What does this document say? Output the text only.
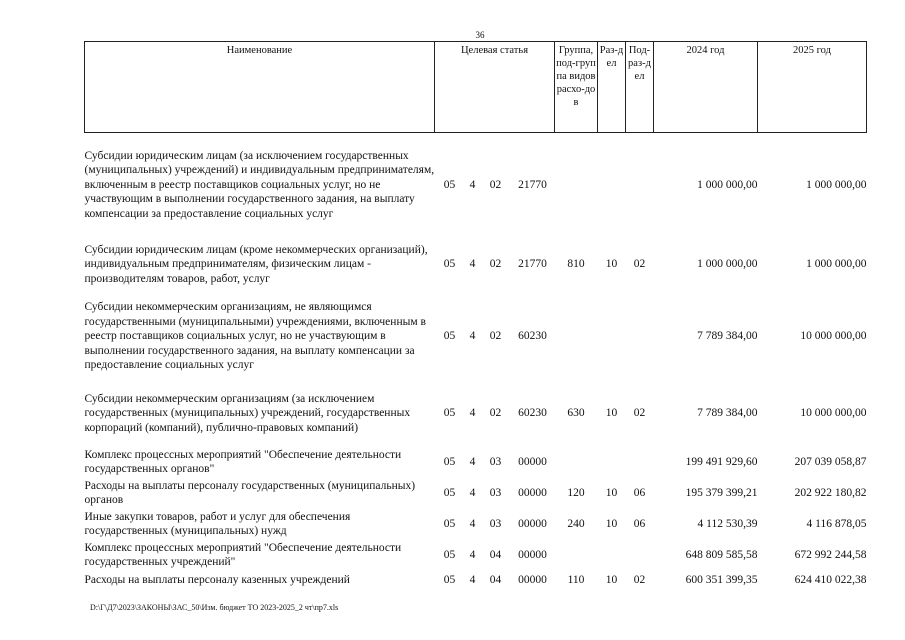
36
Наименование	Целевая статья				Группа, под-группа видов расхо-дов	Раз-дел	Под-раз-дел	2024 год	2025 год
Субсидии юридическим лицам (за исключением государственных (муниципальных) учреждений) и индивидуальным предпринимателям, включенным в реестр поставщиков социальных услуг, но не участвующим в выполнении государственного задания, на выплату компенсации за предоставление социальных услуг	05	4	02	21770				1 000 000,00	1 000 000,00
Субсидии юридическим лицам (кроме некоммерческих организаций), индивидуальным предпринимателям, физическим лицам - производителям товаров, работ, услуг	05	4	02	21770	810	10	02	1 000 000,00	1 000 000,00
Субсидии некоммерческим организациям, не являющимся государственными (муниципальными) учреждениями, включенным в реестр поставщиков социальных услуг, но не участвующим в выполнении государственного задания, на выплату компенсации за предоставление социальных услуг	05	4	02	60230				7 789 384,00	10 000 000,00
Субсидии некоммерческим организациям (за исключением государственных (муниципальных) учреждений, государственных корпораций (компаний), публично-правовых компаний)	05	4	02	60230	630	10	02	7 789 384,00	10 000 000,00
Комплекс процессных мероприятий "Обеспечение деятельности государственных органов"	05	4	03	00000				199 491 929,60	207 039 058,87
Расходы на выплаты персоналу государственных (муниципальных) органов	05	4	03	00000	120	10	06	195 379 399,21	202 922 180,82
Иные закупки товаров, работ и услуг для обеспечения государственных (муниципальных) нужд	05	4	03	00000	240	10	06	4 112 530,39	4 116 878,05
Комплекс процессных мероприятий "Обеспечение деятельности государственных учреждений"	05	4	04	00000				648 809 585,58	672 992 244,58
Расходы на выплаты персоналу казенных учреждений	05	4	04	00000	110	10	02	600 351 399,35	624 410 022,38
D:\Г\Д7\2023\ЗАКОНЫ\ЗАС_50\Изм. бюджет ТО 2023-2025_2 чт\пр7.xls
